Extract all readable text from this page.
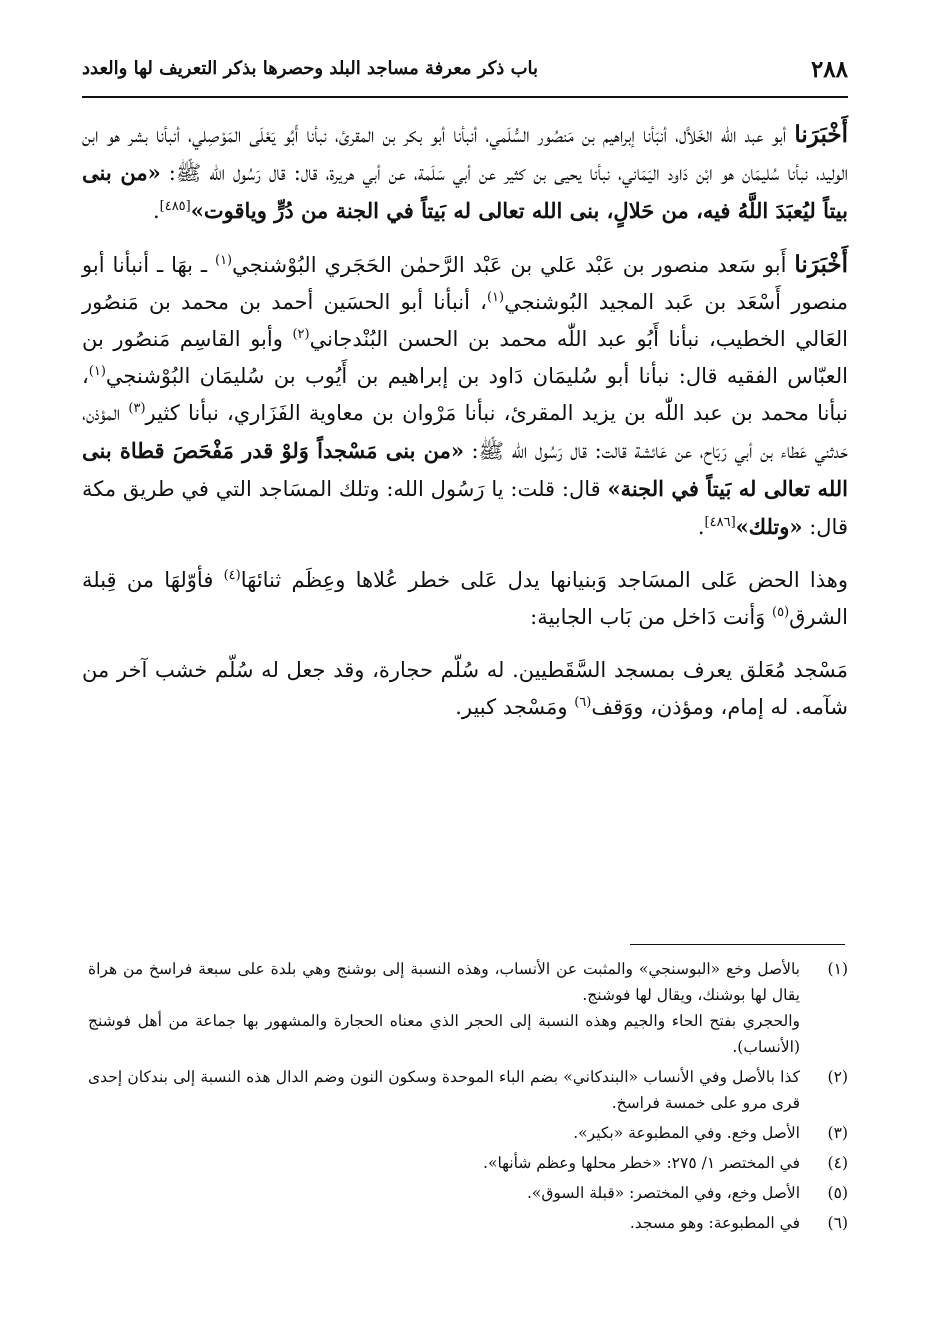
٢٨٨
باب ذكر معرفة مساجد البلد وحصرها بذكر التعريف لها والعدد

أَخْبَرَنا أبو عبد الله الخَلاَّل، أنبَأنا إبراهيم بن مَنصُور السُّلَمي، أنبأنا أبو بكر بن المقرئ، نبأنا أَبُو يَعْلَى المَوْصِلي، أنبأنا بشر هو ابن الوليد، نبأنا سُليمَان هو ابْن دَاود اليَمَاني، نبأنا يحيى بن كثير عن أبي سَلَمة، عن أبي هريرة، قال: قال رَسُول الله ﷺ: «من بنى بيتاً ليُعبَدَ اللَّهُ فيه، من حَلالٍ، بنى الله تعالى له بَيتاً في الجنة من دُرٍّ وياقوت»[٤٨٥].

أَخْبَرَنا أَبو سَعد منصور بن عَبْد عَلي بن عَبْد الرَّحمٰن الحَجَري البُوْشنجي$^{(١)}$ ـ بهَا ـ أنبأنا أبو منصور أَسْعَد بن عَبد المجيد البُوشنجي$^{(١)}$، أنبأنا أبو الحسَين أحمد بن محمد بن مَنصُور العَالي الخطيب، نبأنا أَبُو عبد اللّٰه محمد بن الحسن البُنْدجاني$^{(٢)}$ وأبو القاسِم مَنصُور بن العبّاس الفقيه قال: نبأنا أبو سُليمَان دَاود بن إبراهيم بن أَيُوب بن سُليمَان البُوْشنجي$^{(١)}$، نبأنا محمد بن عبد اللّٰه بن يزيد المقرئ، نبأنا مَرْوان بن معاوية الفَزَاري، نبأنا كثير$^{(٣)}$ المؤذن، حَدثني عَطاء بن أبي رَبَاح، عن عَائشة قالت: قال رَسُول الله ﷺ: «من بنى مَسْجداً وَلوْ قدر مَفْحَصَ قطاة بنى الله تعالى له بَيتاً في الجنة» قال: قلت: يا رَسُول الله: وتلك المسَاجد التي في طريق مكة قال: «وتلك»[٤٨٦].

وهذا الحض عَلى المسَاجد وَبنيانها يدل عَلى خطر عُلاها وعِظَم ثنائهَا$^{(٤)}$ فأوّلهَا من قِبلة الشرق$^{(٥)}$ وَأنت دَاخل من بَاب الجابية:

مَسْجد مُعَلق يعرف بمسجد السَّقَطيين. له سُلّم حجارة، وقد جعل له سُلّم خشب آخر من شآمه. له إمام، ومؤذن، ووَقف$^{(٦)}$ ومَسْجد كبير.

(١)
بالأصل وخع «البوسنجي» والمثبت عن الأنساب، وهذه النسبة إلى بوشنج وهي بلدة على سبعة فراسخ من هراة يقال لها بوشنك، ويقال لها فوشنج.
والحجري بفتح الحاء والجيم وهذه النسبة إلى الحجر الذي معناه الحجارة والمشهور بها جماعة من أهل فوشنج (الأنساب).
(٢)
كذا بالأصل وفي الأنساب «البندكاني» بضم الباء الموحدة وسكون النون وضم الدال هذه النسبة إلى بندكان إحدى قرى مرو على خمسة فراسخ.
(٣)
الأصل وخع. وفي المطبوعة «بكير».
(٤)
في المختصر ١/ ٢٧٥: «خطر محلها وعظم شأنها».
(٥)
الأصل وخع، وفي المختصر: «قبلة السوق».
(٦)
في المطبوعة: وهو مسجد.
